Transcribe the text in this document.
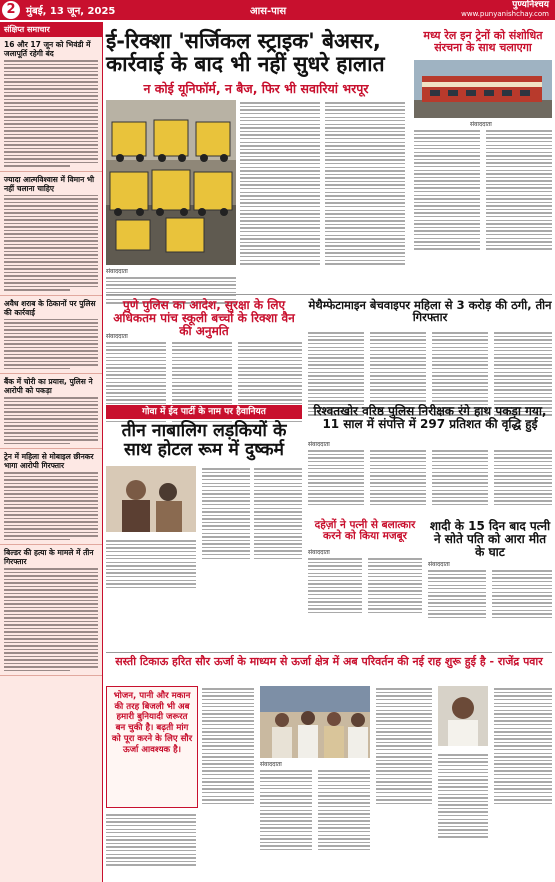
2	मुंबई, 13 जून, 2025	आस-पास
पुण्यनिश्चय
www.punyanishchay.com
संक्षिप्त समाचार
16 और 17 जून को भिवंडी में जलापूर्ति रहेगी बंद
ज्यादा आत्मविश्वास में विमान भी नहीं चलाना चाहिए
अवैध शराब के ठिकानों पर पुलिस की कार्रवाई
बैंक में चोरी का प्रयास, पुलिस ने आरोपी को पकड़ा
ट्रेन में महिला से मोबाइल छीनकर भागा आरोपी गिरफ्तार
बिल्डर की हत्या के मामले में तीन गिरफ्तार
ई-रिक्शा 'सर्जिकल स्ट्राइक' बेअसर,
कार्रवाई के बाद भी नहीं सुधरे हालात
न कोई यूनिफॉर्म, न बैज, फिर भी सवारियां भरपूर
संवाददाता
मध्य रेल इन ट्रेनों को संशोधित संरचना के साथ चलाएगा
संवाददाता
पुणे पुलिस का आदेश, सुरक्षा के लिए अधिकतम पांच स्कूली बच्चों के रिक्शा वैन की अनुमति
संवाददाता
मेथैम्फेटामाइन बेचवाइपर महिला से 3 करोड़ की ठगी, तीन गिरफ्तार
गोवा में ईद पार्टी के नाम पर हैवानियत
तीन नाबालिग लड़कियों के साथ होटल रूम में दुष्कर्म
रिश्वतखोर वरिष्ठ पुलिस निरीक्षक रंगे हाथ पकड़ा गया, 11 साल में संपत्ति में 297 प्रतिशत की वृद्धि हुई
संवाददाता
दहेज़ों ने पत्नी से बलात्कार करने को किया मजबूर
संवाददाता
शादी के 15 दिन बाद पत्नी ने सोते पति को आरा मीत के घाट
संवाददाता
सस्ती टिकाऊ हरित सौर ऊर्जा के माध्यम से ऊर्जा क्षेत्र में अब परिवर्तन की नई राह शुरू हुई है - राजेंद्र पवार
भोजन, पानी और मकान की तरह बिजली भी अब हमारी बुनियादी जरूरत बन चुकी है। बढ़ती मांग को पूरा करने के लिए सौर ऊर्जा आवश्यक है।
संवाददाता
